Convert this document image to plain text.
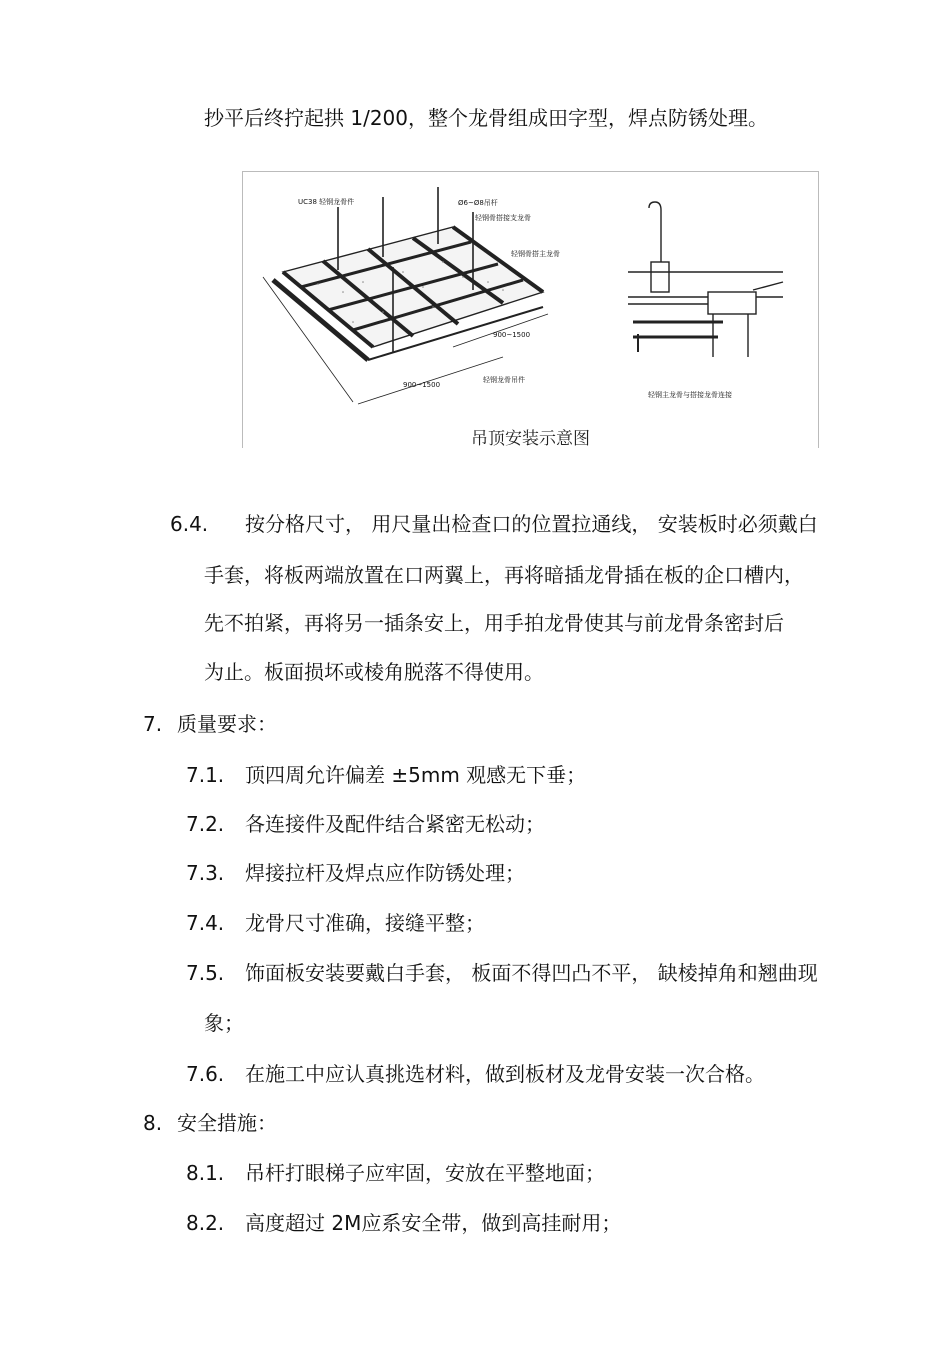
抄平后终拧起拱 1/200，整个龙骨组成田字型，焊点防锈处理。
UC38 轻钢龙骨件	Ø6~Ø8吊杆
轻钢骨搭接支龙骨
轻钢骨搭主龙骨
轻钢龙骨吊件
900~1500
900~1500
轻钢主龙骨与搭接龙骨连接
吊顶安装示意图
6.4. 按分格尺寸， 用尺量出检查口的位置拉通线， 安装板时必须戴白
手套，将板两端放置在口两翼上，再将暗插龙骨插在板的企口槽内，
先不拍紧，再将另一插条安上，用手拍龙骨使其与前龙骨条密封后
为止。板面损坏或棱角脱落不得使用。
7. 质量要求：
7.1. 顶四周允许偏差 ±5mm 观感无下垂；
7.2. 各连接件及配件结合紧密无松动；
7.3. 焊接拉杆及焊点应作防锈处理；
7.4. 龙骨尺寸准确，接缝平整；
7.5. 饰面板安装要戴白手套， 板面不得凹凸不平， 缺棱掉角和翘曲现
象；
7.6. 在施工中应认真挑选材料，做到板材及龙骨安装一次合格。
8. 安全措施：
8.1. 吊杆打眼梯子应牢固，安放在平整地面；
8.2. 高度超过 2M应系安全带，做到高挂耐用；
